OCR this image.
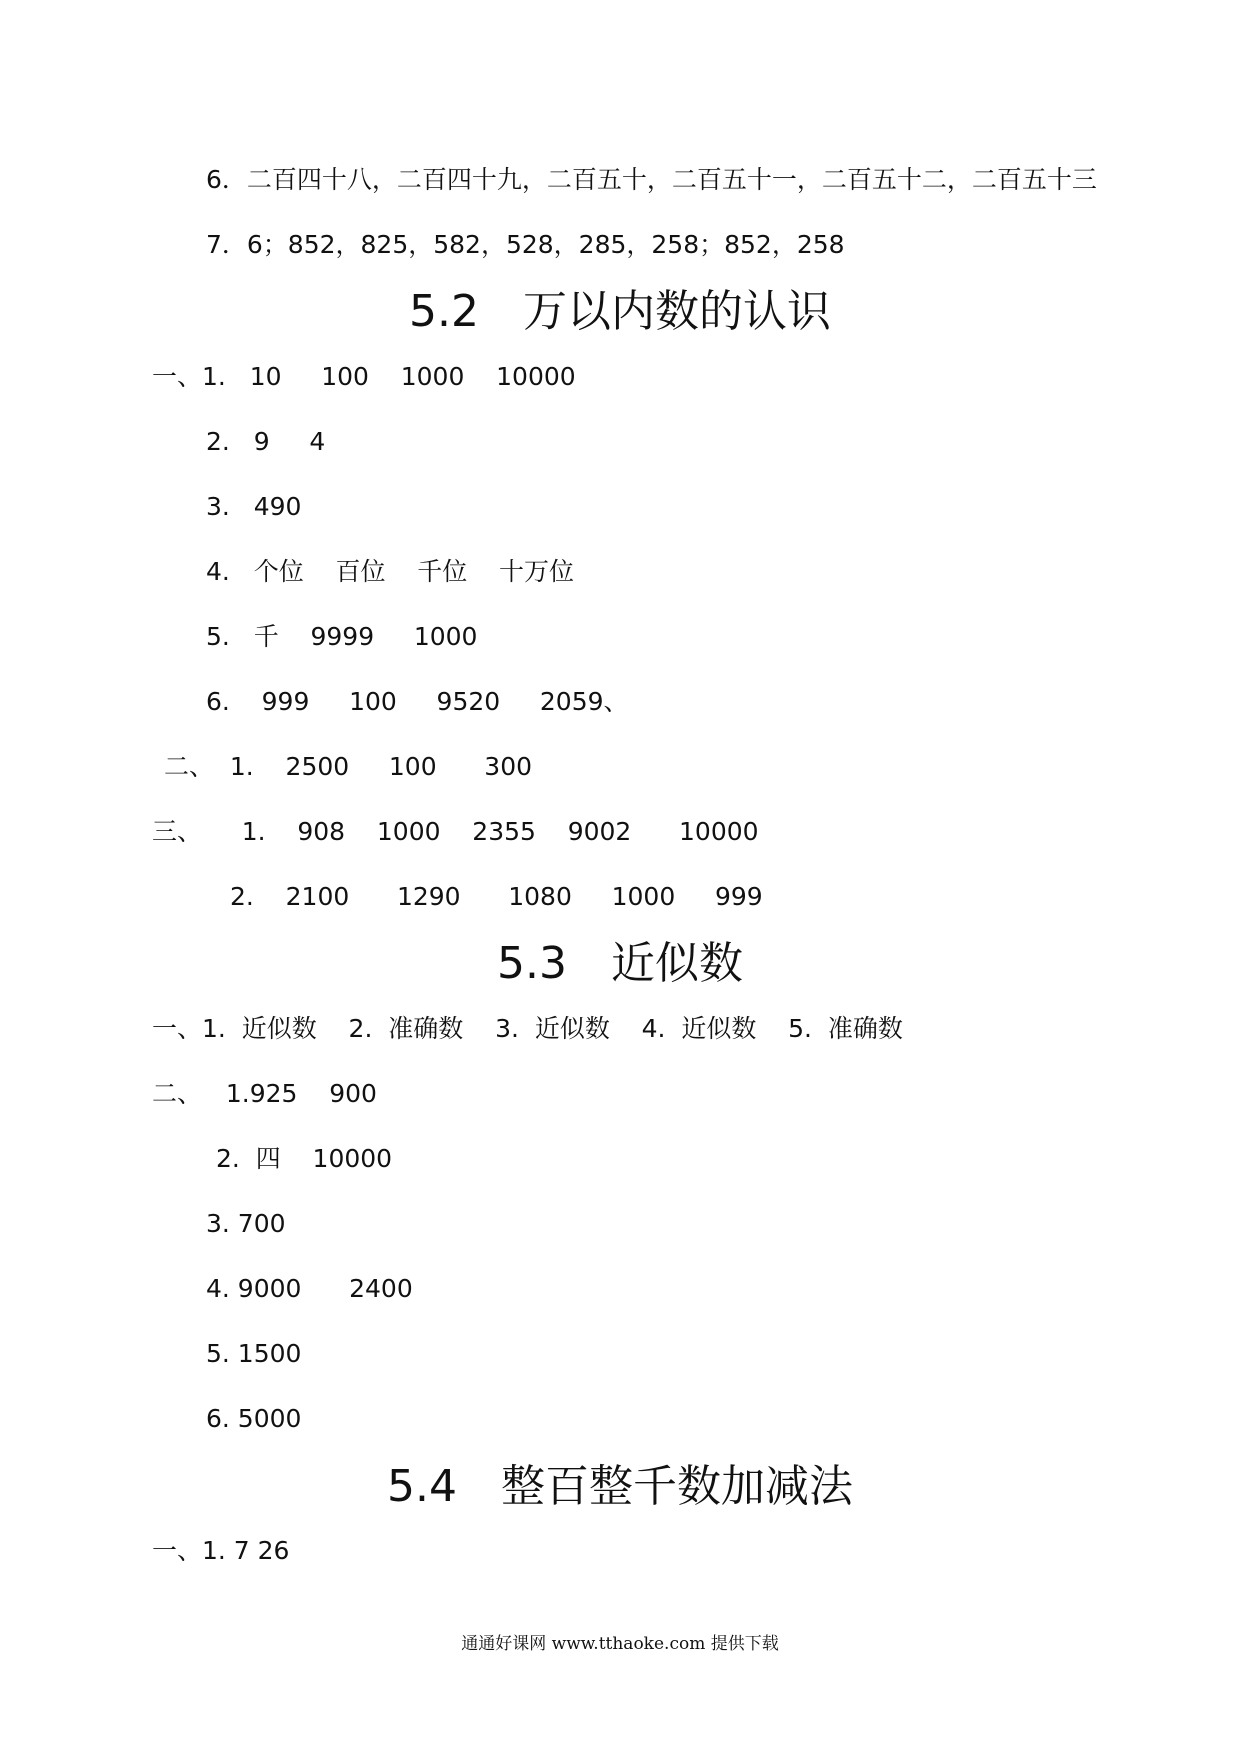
6．二百四十八，二百四十九，二百五十，二百五十一，二百五十二，二百五十三
7．6；852，825，582，528，285，258；852，258
5.2　万以内数的认识
一、1.   10     100    1000    10000
2.   9     4
3.   490
4.   个位    百位    千位    十万位
5.   千    9999     1000
6.    999     100     9520     2059、
二、  1.    2500     100      300
三、     1.    908    1000    2355    9002      10000
2.    2100      1290      1080     1000     999
5.3　近似数
一、1.  近似数    2.  准确数    3.  近似数    4.  近似数    5.  准确数
二、   1.925    900
2.  四    10000
3. 700
4. 9000      2400
5. 1500
6. 5000
5.4　整百整千数加减法
一、1. 7 26
通通好课网 www.tthaoke.com 提供下载
